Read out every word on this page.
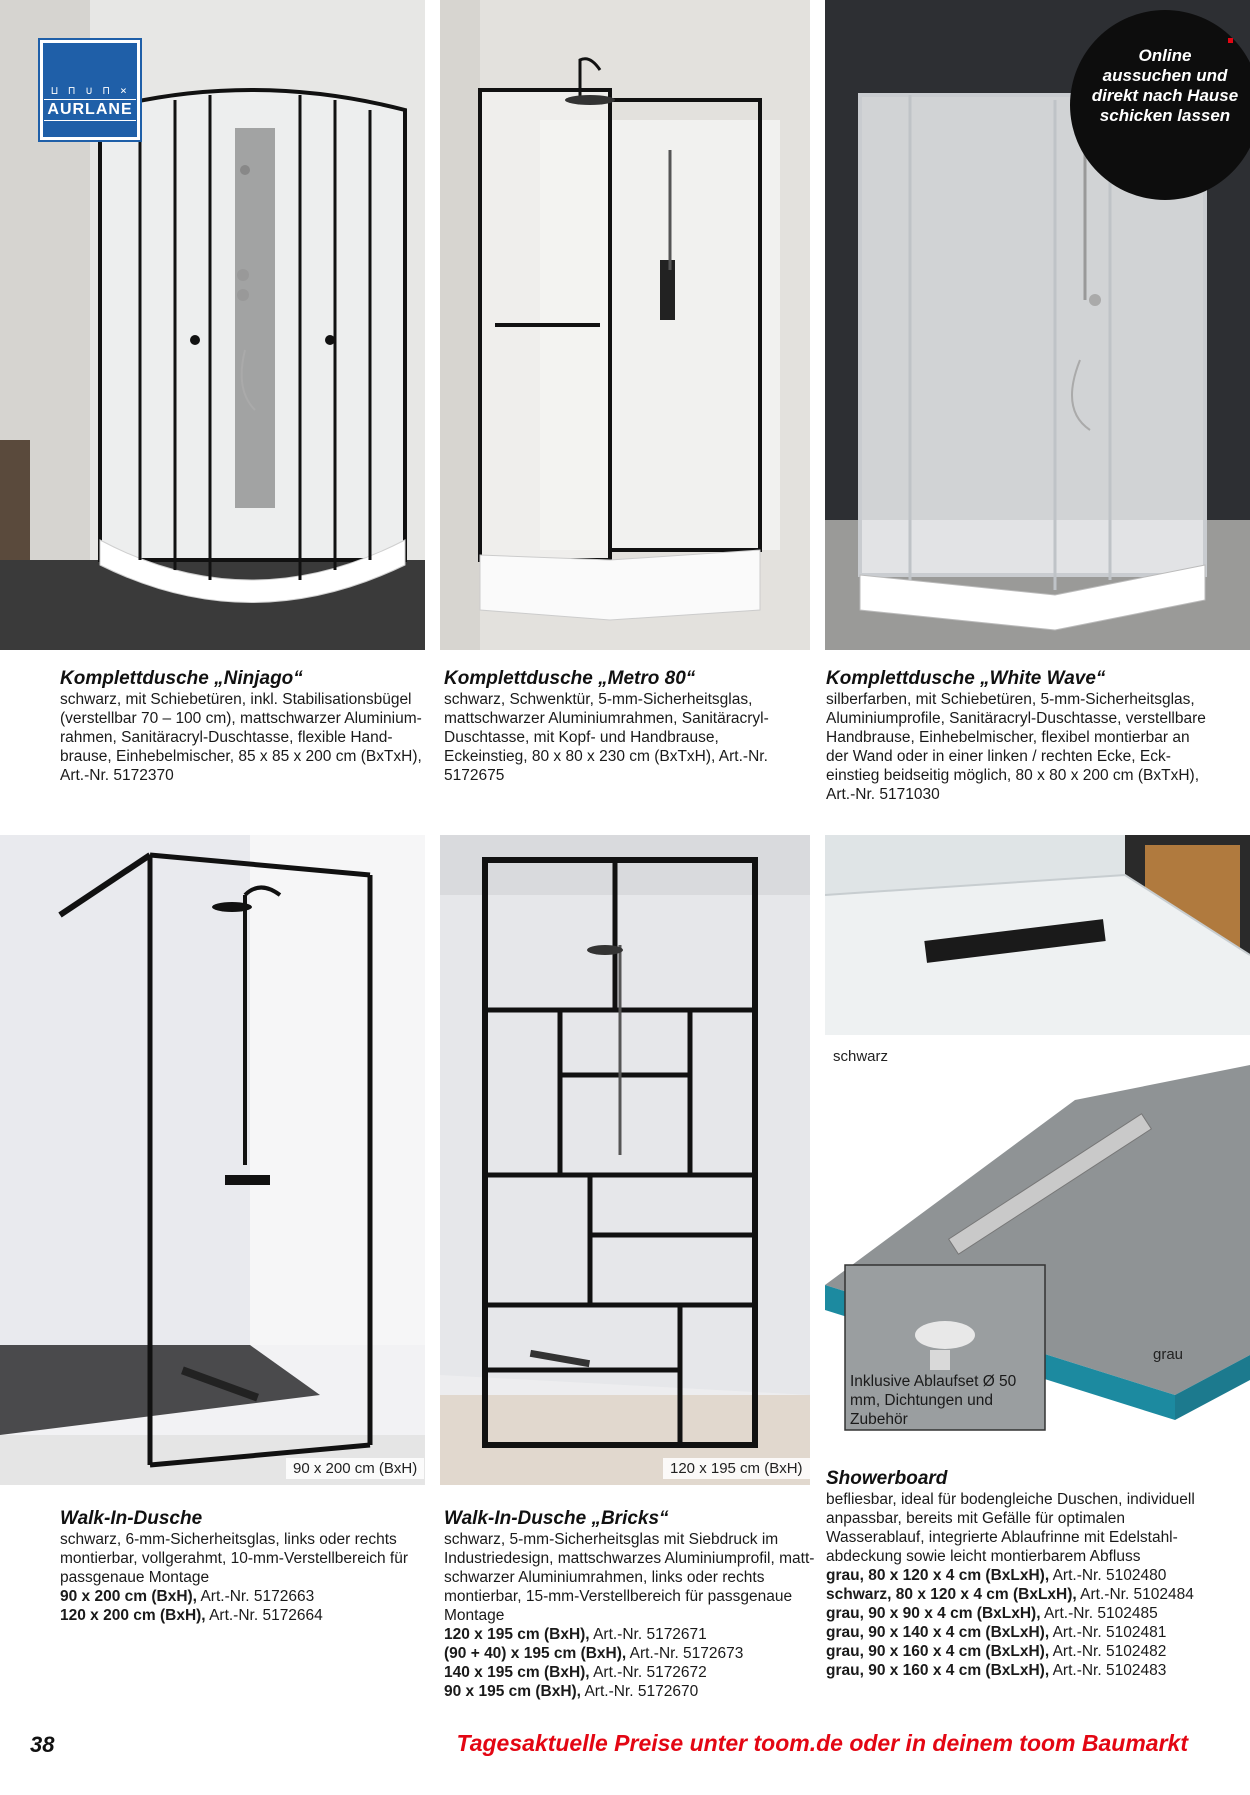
⊔ ⊓ ∪ ⊓ ×
AURLANE
Online
aussuchen und
direkt nach Hause
schicken lassen
Komplettdusche „Ninjago“

schwarz, mit Schiebetüren, inkl. Stabilisationsbügel (verstellbar 70 – 100 cm), mattschwarzer Aluminiumrahmen, Sanitäracryl-Duschtasse, flexible Handbrause, Einhebelmischer, 85 x 85 x 200 cm (BxTxH), Art.-Nr. 5172370

Komplettdusche „Metro 80“

schwarz, Schwenktür, 5-mm-Sicherheitsglas, mattschwarzer Aluminiumrahmen, Sanitäracryl-Duschtasse, mit Kopf- und Handbrause, Eckeinstieg, 80 x 80 x 230 cm (BxTxH), Art.-Nr. 5172675

Komplettdusche „White Wave“

silberfarben, mit Schiebetüren, 5-mm-Sicherheitsglas, Aluminiumprofile, Sanitäracryl-Duschtasse, verstellbare Handbrause, Einhebelmischer, flexibel montierbar an der Wand oder in einer linken / rechten Ecke, Eckeinstieg beidseitig möglich, 80 x 80 x 200 cm (BxTxH), Art.-Nr. 5171030

90 x 200 cm (BxH)	120 x 195 cm (BxH)
schwarz
grau
Inklusive Ablaufset Ø 50 mm, Dichtungen und Zubehör
Walk-In-Dusche

schwarz, 6-mm-Sicherheitsglas, links oder rechts montierbar, vollgerahmt, 10-mm-Verstellbereich für passgenaue Montage

90 x 200 cm (BxH), Art.-Nr. 5172663
120 x 200 cm (BxH), Art.-Nr. 5172664
Walk-In-Dusche „Bricks“

schwarz, 5-mm-Sicherheitsglas mit Siebdruck im Industriedesign, mattschwarzes Aluminiumprofil, mattschwarzer Aluminiumrahmen, links oder rechts montierbar, 15-mm-Verstellbereich für passgenaue Montage

120 x 195 cm (BxH), Art.-Nr. 5172671
(90 + 40) x 195 cm (BxH), Art.-Nr. 5172673
140 x 195 cm (BxH), Art.-Nr. 5172672
90 x 195 cm (BxH), Art.-Nr. 5172670
Showerboard

befliesbar, ideal für bodengleiche Duschen, individuell anpassbar, bereits mit Gefälle für optimalen Wasserablauf, integrierte Ablaufrinne mit Edelstahlabdeckung sowie leicht montierbarem Abfluss

grau, 80 x 120 x 4 cm (BxLxH), Art.-Nr. 5102480
schwarz, 80 x 120 x 4 cm (BxLxH), Art.-Nr. 5102484
grau, 90 x 90 x 4 cm (BxLxH), Art.-Nr. 5102485
grau, 90 x 140 x 4 cm (BxLxH), Art.-Nr. 5102481
grau, 90 x 160 x 4 cm (BxLxH), Art.-Nr. 5102482
grau, 90 x 160 x 4 cm (BxLxH), Art.-Nr. 5102483
38	Tagesaktuelle Preise unter toom.de oder in deinem toom Baumarkt
